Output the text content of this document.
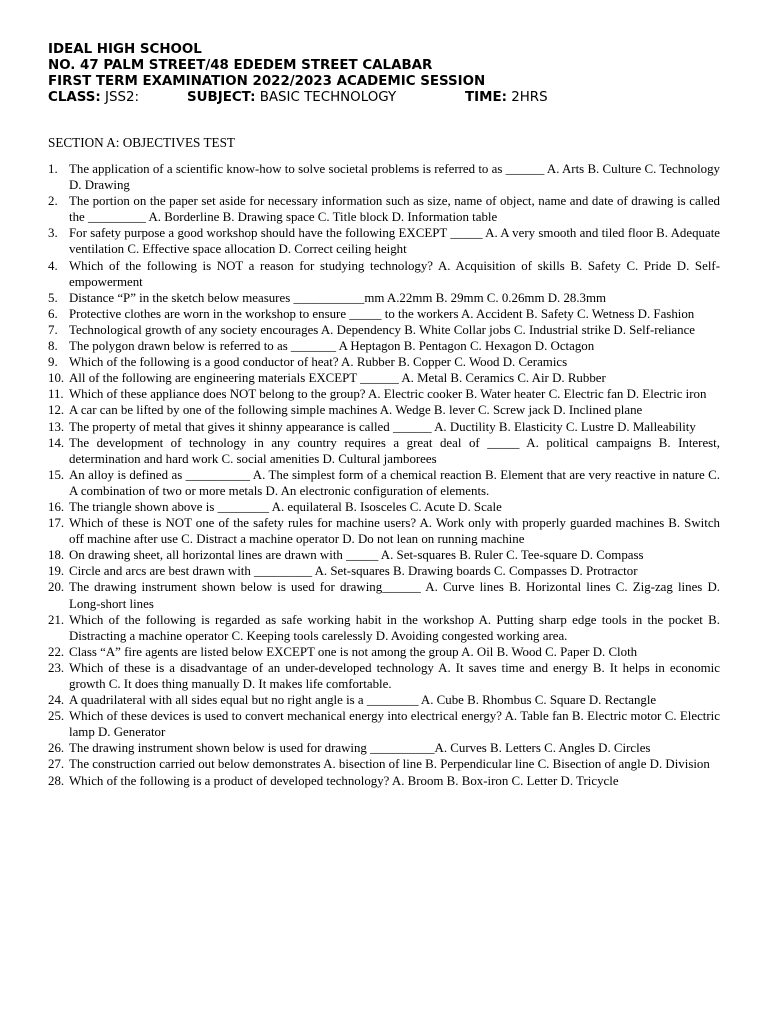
IDEAL HIGH SCHOOL
NO. 47 PALM STREET/48 EDEDEM STREET CALABAR
FIRST TERM EXAMINATION 2022/2023 ACADEMIC SESSION
CLASS: JSS2:	SUBJECT: BASIC TECHNOLOGY	TIME: 2HRS
SECTION A: OBJECTIVES TEST
1. The application of a scientific know-how to solve societal problems is referred to as ______ A. Arts B. Culture C. Technology D. Drawing
2. The portion on the paper set aside for necessary information such as size, name of object, name and date of drawing is called the _________ A. Borderline B. Drawing space C. Title block D. Information table
3. For safety purpose a good workshop should have the following EXCEPT _____ A. A very smooth and tiled floor B. Adequate ventilation C. Effective space allocation D. Correct ceiling height
4. Which of the following is NOT a reason for studying technology? A. Acquisition of skills B. Safety C. Pride D. Self-empowerment
5. Distance “P” in the sketch below measures ___________mm A.22mm B. 29mm C. 0.26mm D. 28.3mm
6. Protective clothes are worn in the workshop to ensure _____ to the workers A. Accident B. Safety C. Wetness D. Fashion
7. Technological growth of any society encourages A. Dependency B. White Collar jobs C. Industrial strike D. Self-reliance
8. The polygon drawn below is referred to as _______ A Heptagon B. Pentagon C. Hexagon D. Octagon
9. Which of the following is a good conductor of heat? A. Rubber B. Copper C. Wood D. Ceramics
10. All of the following are engineering materials EXCEPT ______ A. Metal B. Ceramics C. Air D. Rubber
11. Which of these appliance does NOT belong to the group? A. Electric cooker B. Water heater C. Electric fan D. Electric iron
12. A car can be lifted by one of the following simple machines A. Wedge B. lever C. Screw jack D. Inclined plane
13. The property of metal that gives it shinny appearance is called ______ A. Ductility B. Elasticity C. Lustre D. Malleability
14. The development of technology in any country requires a great deal of _____ A. political campaigns B. Interest, determination and hard work C. social amenities D. Cultural jamborees
15. An alloy is defined as __________ A. The simplest form of a chemical reaction B. Element that are very reactive in nature C. A combination of two or more metals D. An electronic configuration of elements.
16. The triangle shown above is ________ A. equilateral B. Isosceles C. Acute D. Scale
17. Which of these is NOT one of the safety rules for machine users? A. Work only with properly guarded machines B. Switch off machine after use C. Distract a machine operator D. Do not lean on running machine
18. On drawing sheet, all horizontal lines are drawn with _____ A. Set-squares B. Ruler C. Tee-square D. Compass
19. Circle and arcs are best drawn with _________ A. Set-squares B. Drawing boards C. Compasses D. Protractor
20. The drawing instrument shown below is used for drawing______ A. Curve lines B. Horizontal lines C. Zig-zag lines D. Long-short lines
21. Which of the following is regarded as safe working habit in the workshop A. Putting sharp edge tools in the pocket B. Distracting a machine operator C. Keeping tools carelessly D. Avoiding congested working area.
22. Class “A” fire agents are listed below EXCEPT one is not among the group A. Oil B. Wood C. Paper D. Cloth
23. Which of these is a disadvantage of an under-developed technology A. It saves time and energy B. It helps in economic growth C. It does thing manually D. It makes life comfortable.
24. A quadrilateral with all sides equal but no right angle is a ________ A. Cube B. Rhombus C. Square D. Rectangle
25. Which of these devices is used to convert mechanical energy into electrical energy? A. Table fan B. Electric motor C. Electric lamp D. Generator
26. The drawing instrument shown below is used for drawing __________A. Curves B. Letters C. Angles D. Circles
27. The construction carried out below demonstrates A. bisection of line B. Perpendicular line C. Bisection of angle D. Division
28. Which of the following is a product of developed technology? A. Broom B. Box-iron C. Letter D. Tricycle
